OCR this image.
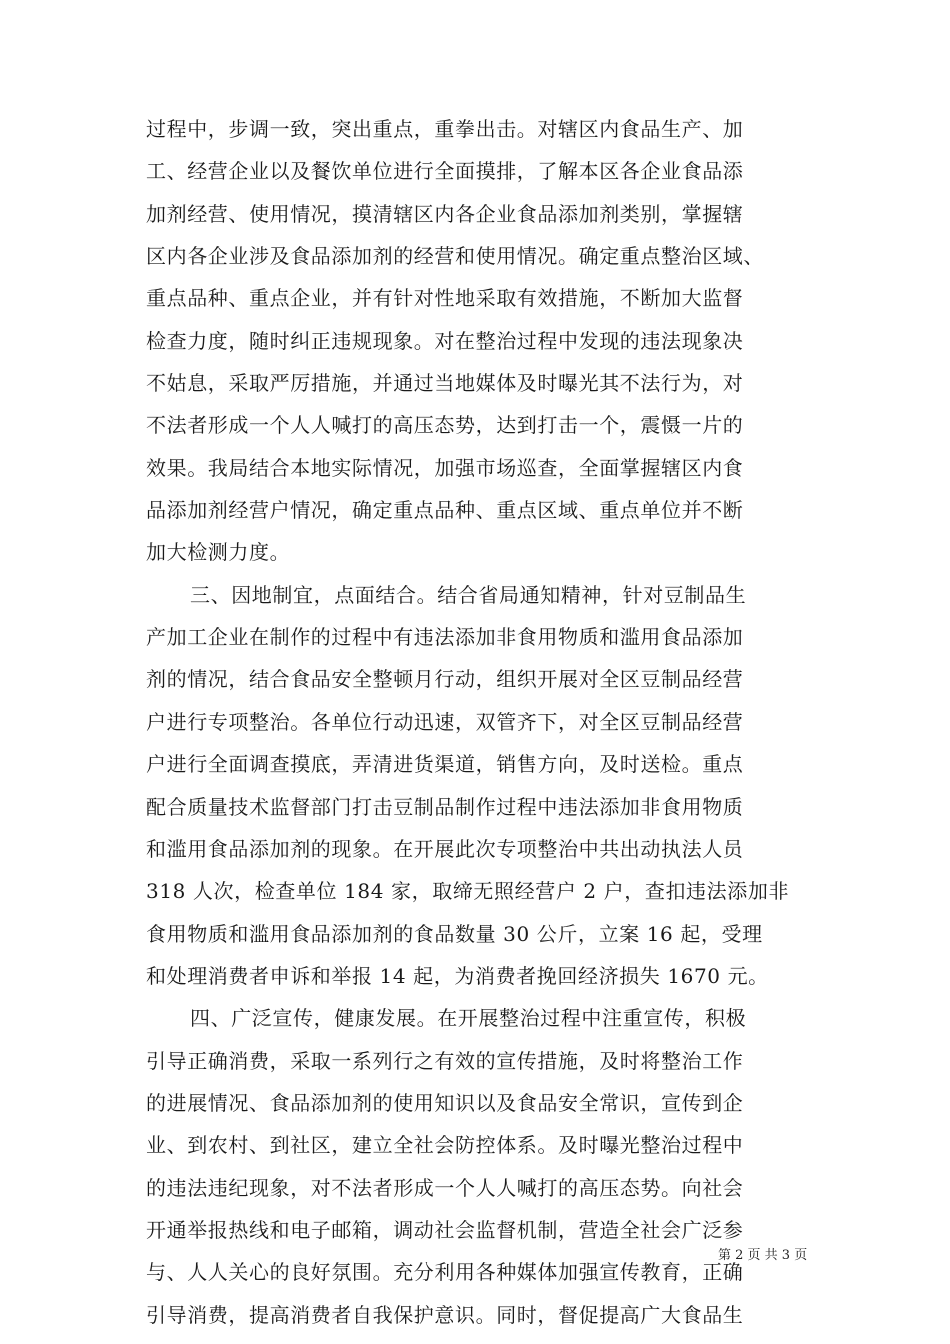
过程中，步调一致，突出重点，重拳出击。对辖区内食品生产、加
工、经营企业以及餐饮单位进行全面摸排，了解本区各企业食品添
加剂经营、使用情况，摸清辖区内各企业食品添加剂类别，掌握辖
区内各企业涉及食品添加剂的经营和使用情况。确定重点整治区域、
重点品种、重点企业，并有针对性地采取有效措施，不断加大监督
检查力度，随时纠正违规现象。对在整治过程中发现的违法现象决
不姑息，采取严厉措施，并通过当地媒体及时曝光其不法行为，对
不法者形成一个人人喊打的高压态势，达到打击一个，震慑一片的
效果。我局结合本地实际情况，加强市场巡查，全面掌握辖区内食
品添加剂经营户情况，确定重点品种、重点区域、重点单位并不断
加大检测力度。
三、因地制宜，点面结合。结合省局通知精神，针对豆制品生
产加工企业在制作的过程中有违法添加非食用物质和滥用食品添加
剂的情况，结合食品安全整顿月行动，组织开展对全区豆制品经营
户进行专项整治。各单位行动迅速，双管齐下，对全区豆制品经营
户进行全面调查摸底，弄清进货渠道，销售方向，及时送检。重点
配合质量技术监督部门打击豆制品制作过程中违法添加非食用物质
和滥用食品添加剂的现象。在开展此次专项整治中共出动执法人员
318 人次，检查单位 184 家，取缔无照经营户 2 户，查扣违法添加非
食用物质和滥用食品添加剂的食品数量 30 公斤，立案 16 起，受理
和处理消费者申诉和举报 14 起，为消费者挽回经济损失 1670 元。
四、广泛宣传，健康发展。在开展整治过程中注重宣传，积极
引导正确消费，采取一系列行之有效的宣传措施，及时将整治工作
的进展情况、食品添加剂的使用知识以及食品安全常识，宣传到企
业、到农村、到社区，建立全社会防控体系。及时曝光整治过程中
的违法违纪现象，对不法者形成一个人人喊打的高压态势。向社会
开通举报热线和电子邮箱，调动社会监督机制，营造全社会广泛参
与、人人关心的良好氛围。充分利用各种媒体加强宣传教育，正确
引导消费，提高消费者自我保护意识。同时，督促提高广大食品生
第 2 页 共 3 页
